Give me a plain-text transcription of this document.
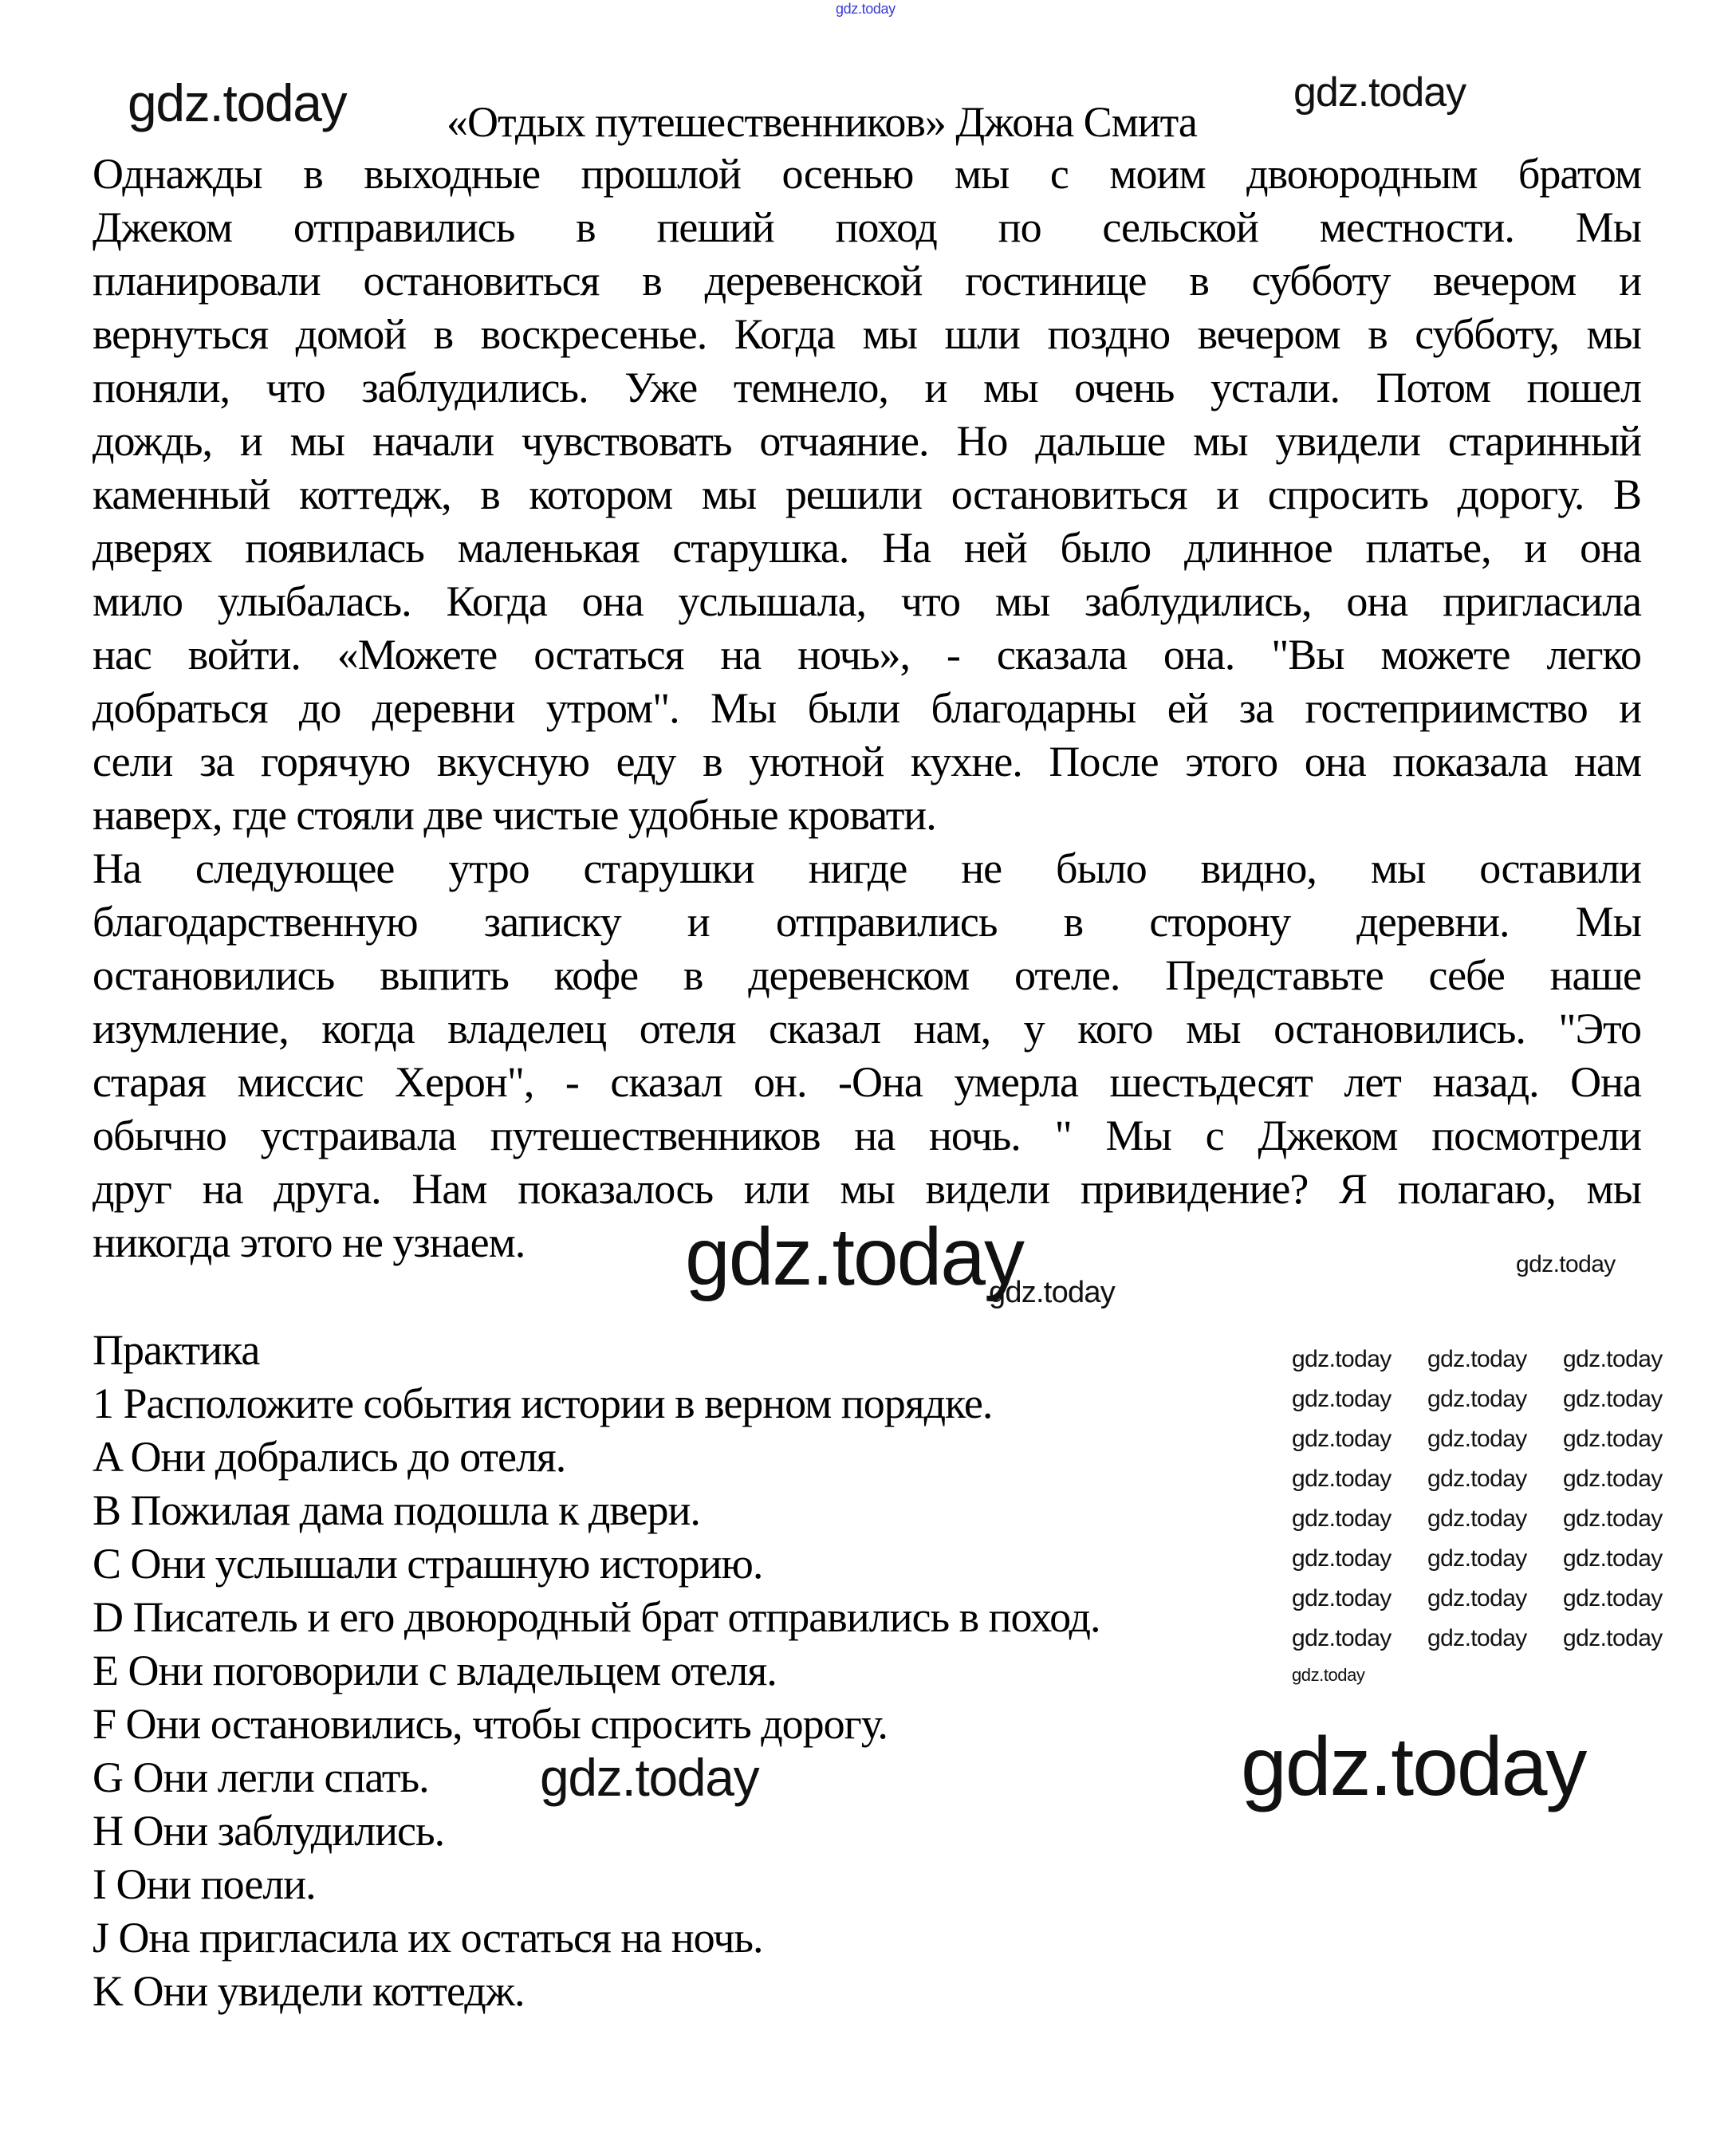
«Отдых путешественников» Джона Смита
Однажды в выходные прошлой осенью мы с моим двоюродным братом
Джеком отправились в пеший поход по сельской местности. Мы
планировали остановиться в деревенской гостинице в субботу вечером и
вернуться домой в воскресенье. Когда мы шли поздно вечером в субботу, мы
поняли, что заблудились. Уже темнело, и мы очень устали. Потом пошел
дождь, и мы начали чувствовать отчаяние. Но дальше мы увидели старинный
каменный коттедж, в котором мы решили остановиться и спросить дорогу. В
дверях появилась маленькая старушка. На ней было длинное платье, и она
мило улыбалась. Когда она услышала, что мы заблудились, она пригласила
нас войти. «Можете остаться на ночь», - сказала она. "Вы можете легко
добраться до деревни утром". Мы были благодарны ей за гостеприимство и
сели за горячую вкусную еду в уютной кухне. После этого она показала нам
наверх, где стояли две чистые удобные кровати.
На следующее утро старушки нигде не было видно, мы оставили
благодарственную записку и отправились в сторону деревни. Мы
остановились выпить кофе в деревенском отеле. Представьте себе наше
изумление, когда владелец отеля сказал нам, у кого мы остановились. "Это
старая миссис Херон", - сказал он. -Она умерла шестьдесят лет назад. Она
обычно устраивала путешественников на ночь. " Мы с Джеком посмотрели
друг на друга. Нам показалось или мы видели привидение? Я полагаю, мы
никогда этого не узнаем.
Практика
1 Расположите события истории в верном порядке.
A Они добрались до отеля.
B Пожилая дама подошла к двери.
C Они услышали страшную историю.
D Писатель и его двоюродный брат отправились в поход.
E Они поговорили с владельцем отеля.
F Они остановились, чтобы спросить дорогу.
G Они легли спать.
H Они заблудились.
I Они поели.
J Она пригласила их остаться на ночь.
K Они увидели коттедж.
gdz.today
gdz.today	gdz.today
gdz.today	gdz.today
gdz.today
gdz.today	gdz.today
gdz.today gdz.today gdz.today
gdz.today gdz.today gdz.today
gdz.today gdz.today gdz.today
gdz.today gdz.today gdz.today
gdz.today gdz.today gdz.today
gdz.today gdz.today gdz.today
gdz.today gdz.today gdz.today
gdz.today gdz.today gdz.today
gdz.today
